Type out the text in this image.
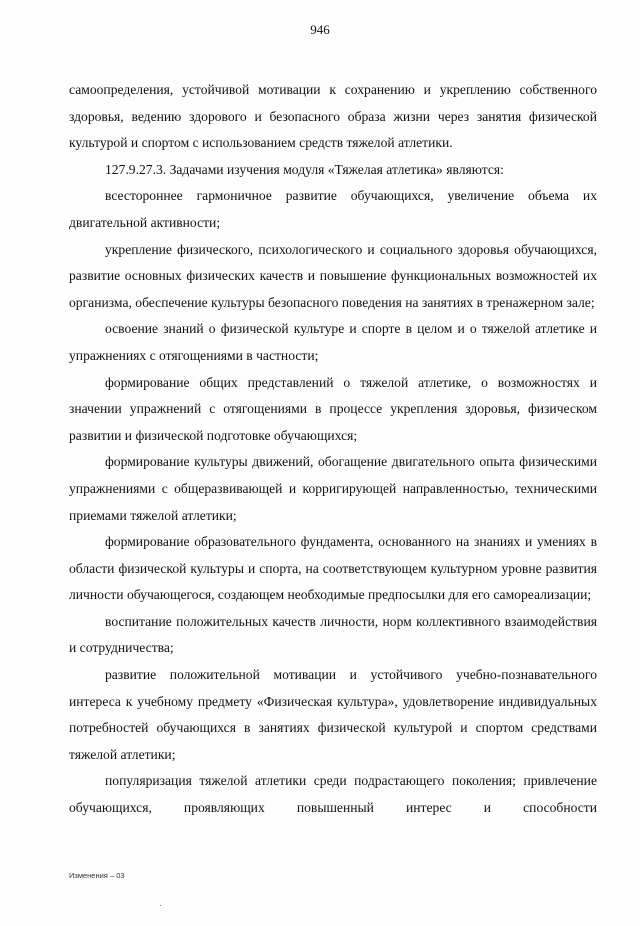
946

самоопределения, устойчивой мотивации к сохранению и укреплению собственного здоровья, ведению здорового и безопасного образа жизни через занятия физической культурой и спортом с использованием средств тяжелой атлетики.

127.9.27.3. Задачами изучения модуля «Тяжелая атлетика» являются:

всестороннее гармоничное развитие обучающихся, увеличение объема их двигательной активности;

укрепление физического, психологического и социального здоровья обучающихся, развитие основных физических качеств и повышение функциональных возможностей их организма, обеспечение культуры безопасного поведения на занятиях в тренажерном зале;

освоение знаний о физической культуре и спорте в целом и о тяжелой атлетике и упражнениях с отягощениями в частности;

формирование общих представлений о тяжелой атлетике, о возможностях и значении упражнений с отягощениями в процессе укрепления здоровья, физическом развитии и физической подготовке обучающихся;

формирование культуры движений, обогащение двигательного опыта физическими упражнениями с общеразвивающей и корригирующей направленностью, техническими приемами тяжелой атлетики;

формирование образовательного фундамента, основанного на знаниях и умениях в области физической культуры и спорта, на соответствующем культурном уровне развития личности обучающегося, создающем необходимые предпосылки для его самореализации;

воспитание положительных качеств личности, норм коллективного взаимодействия и сотрудничества;

развитие положительной мотивации и устойчивого учебно-познавательного интереса к учебному предмету «Физическая культура», удовлетворение индивидуальных потребностей обучающихся в занятиях физической культурой и спортом средствами тяжелой атлетики;

популяризация тяжелой атлетики среди подрастающего поколения; привлечение обучающихся, проявляющих повышенный интерес и способности

Изменения – 03
